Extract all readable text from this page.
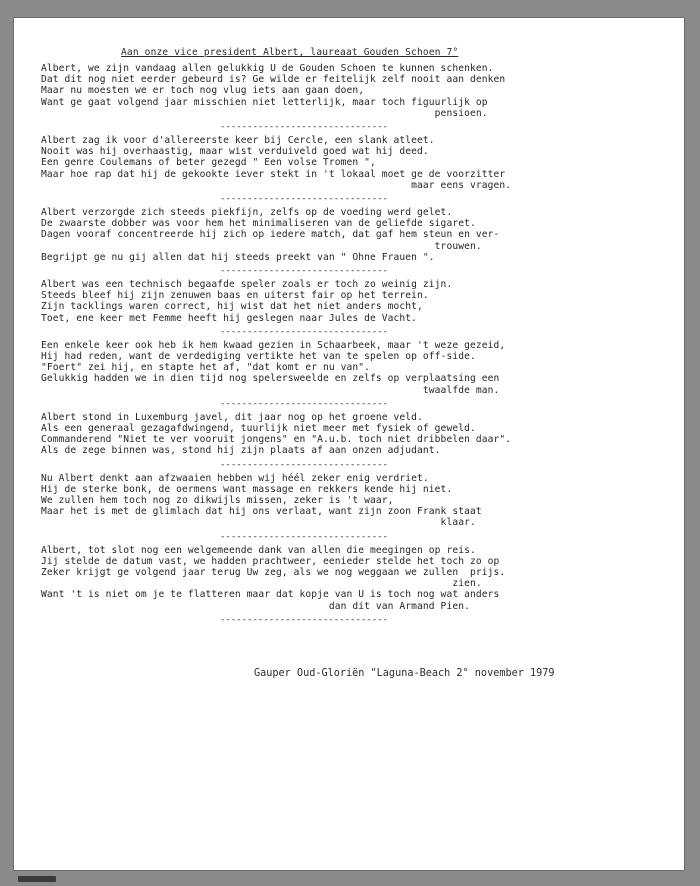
Aan onze vice president Albert, laureaat Gouden Schoen 7°
Albert, we zijn vandaag allen gelukkig U de Gouden Schoen te kunnen schenken.
Dat dit nog niet eerder gebeurd is? Ge wilde er feitelijk zelf nooit aan denken
Maar nu moesten we er toch nog vlug iets aan gaan doen,
Want ge gaat volgend jaar misschien niet letterlijk, maar toch figuurlijk op
pensioen.
-------------------------------
Albert zag ik voor d'allereerste keer bij Cercle, een slank atleet.
Nooit was hij overhaastig, maar wist verduiveld goed wat hij deed.
Een genre Coulemans of beter gezegd " Een volse Tromen ",
Maar hoe rap dat hij de gekookte iever stekt in 't lokaal moet ge de voorzitter
maar eens vragen.
-------------------------------
Albert verzorgde zich steeds piekfijn, zelfs op de voeding werd gelet.
De zwaarste dobber was voor hem het minimaliseren van de geliefde sigaret.
Dagen vooraf concentreerde hij zich op iedere match, dat gaf hem steun en ver-
trouwen.
Begrijpt ge nu gij allen dat hij steeds preekt van " Ohne Frauen ".
-------------------------------
Albert was een technisch begaafde speler zoals er toch zo weinig zijn.
Steeds bleef hij zijn zenuwen baas en uiterst fair op het terrein.
Zijn tacklings waren correct, hij wist dat het niet anders mocht,
Toet, ene keer met Femme heeft hij geslegen naar Jules de Vacht.
-------------------------------
Een enkele keer ook heb ik hem kwaad gezien in Schaarbeek, maar 't weze gezeid,
Hij had reden, want de verdediging vertikte het van te spelen op off-side.
"Foert" zei hij, en stapte het af, "dat komt er nu van".
Gelukkig hadden we in dien tijd nog spelersweelde en zelfs op verplaatsing een
twaalfde man.
-------------------------------
Albert stond in Luxemburg javel, dit jaar nog op het groene veld.
Als een generaal gezagafdwingend, tuurlijk niet meer met fysiek of geweld.
Commanderend "Niet te ver vooruit jongens" en "A.u.b. toch niet dribbelen daar".
Als de zege binnen was, stond hij zijn plaats af aan onzen adjudant.
-------------------------------
Nu Albert denkt aan afzwaaien hebben wij héél zeker enig verdriet.
Hij de sterke bonk, de oermens want massage en rekkers kende hij niet.
We zullen hem toch nog zo dikwijls missen, zeker is 't waar,
Maar het is met de glimlach dat hij ons verlaat, want zijn zoon Frank staat
klaar.
-------------------------------
Albert, tot slot nog een welgemeende dank van allen die meegingen op reis.
Jij stelde de datum vast, we hadden prachtweer, eenieder stelde het toch zo op
Zeker krijgt ge volgend jaar terug Uw zeg, als we nog weggaan we zullen  prijs.
zien.
Want 't is niet om je te flatteren maar dat kopje van U is toch nog wat anders
dan dit van Armand Pien.
-------------------------------
Gauper Oud-Gloriën "Laguna-Beach 2° november 1979
